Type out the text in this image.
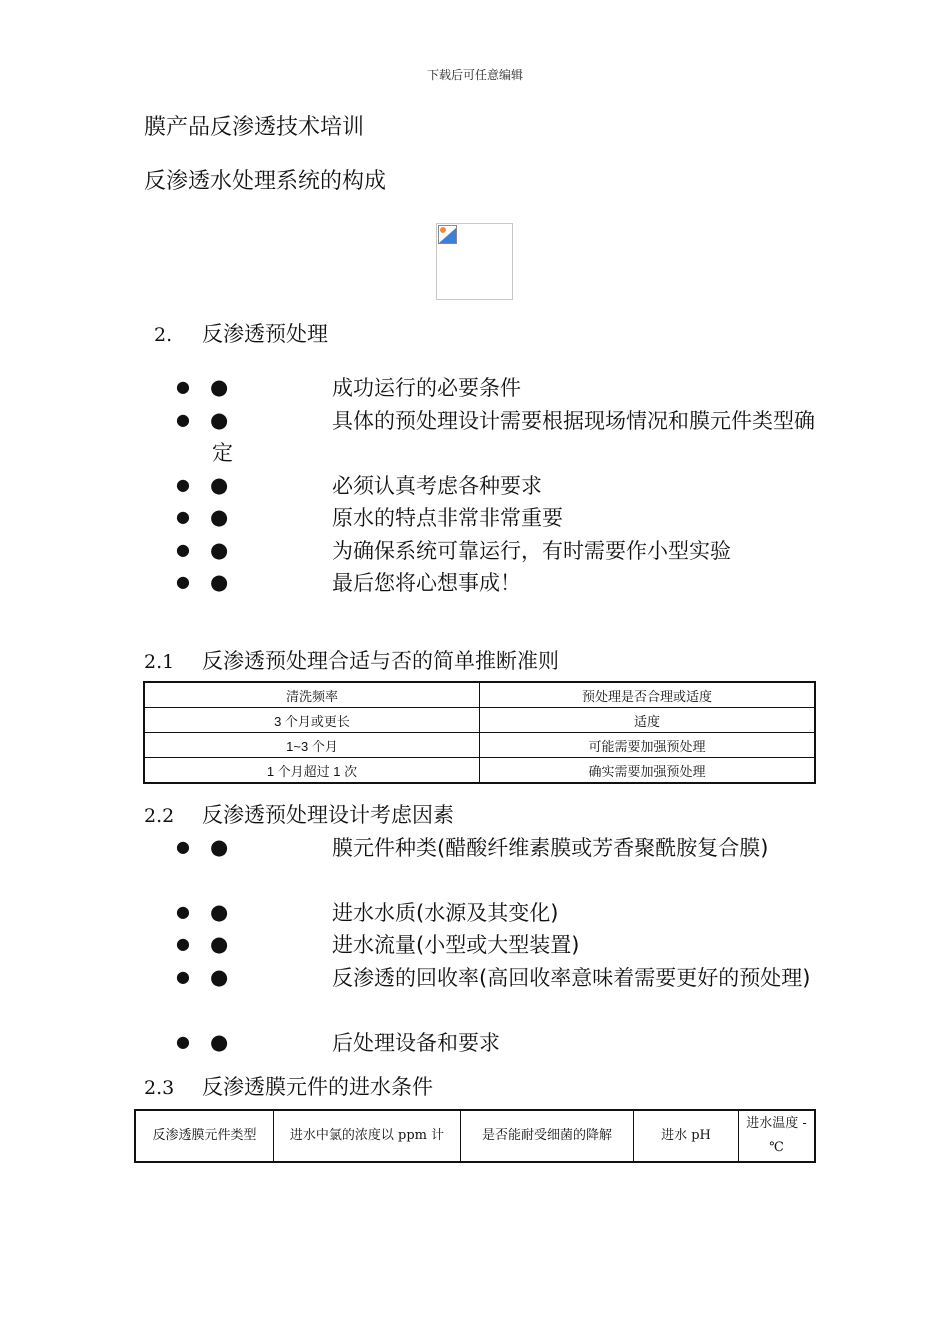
下载后可任意编辑
膜产品反渗透技术培训
反渗透水处理系统的构成
2. 反渗透预处理
● ●	成功运行的必要条件
● ●	具体的预处理设计需要根据现场情况和膜元件类型确定
● ●	必须认真考虑各种要求
● ●	原水的特点非常非常重要
● ●	为确保系统可靠运行，有时需要作小型实验
● ●	最后您将心想事成！
2.1 反渗透预处理合适与否的简单推断准则
清洗频率	预处理是否合理或适度
3 个月或更长	适度
1~3 个月	可能需要加强预处理
1 个月超过 1 次	确实需要加强预处理
2.2 反渗透预处理设计考虑因素
● ●	膜元件种类(醋酸纤维素膜或芳香聚酰胺复合膜)
● ●	进水水质(水源及其变化)
● ●	进水流量(小型或大型装置)
● ●	反渗透的回收率(高回收率意味着需要更好的预处理)
● ●	后处理设备和要求
2.3 反渗透膜元件的进水条件
反渗透膜元件类型	进水中氯的浓度以 ppm 计	是否能耐受细菌的降解	进水 pH	进水温度 - ℃
